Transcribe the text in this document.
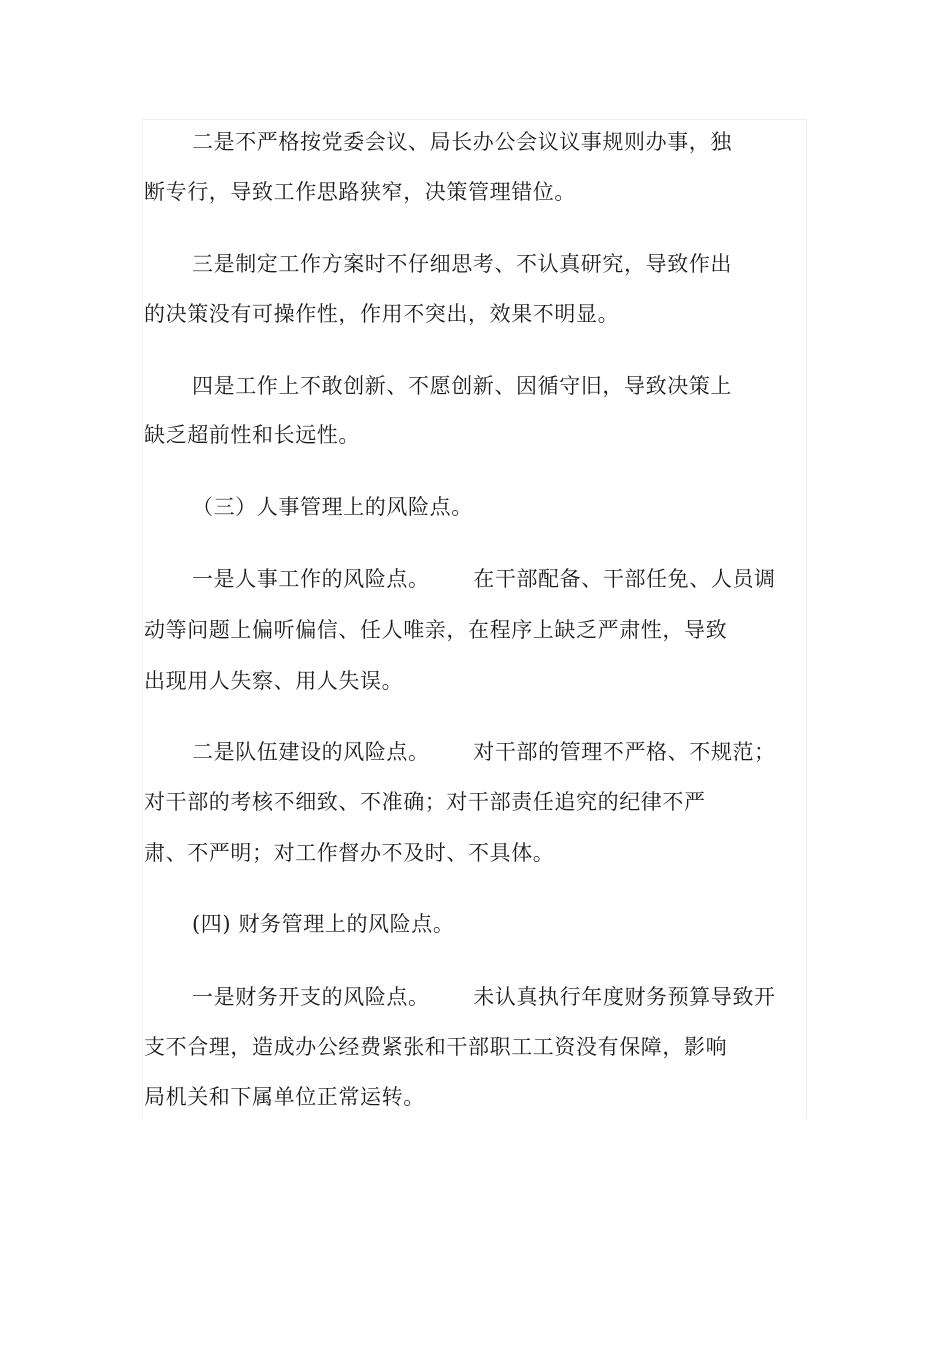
二是不严格按党委会议、局长办公会议议事规则办事，独
断专行，导致工作思路狭窄，决策管理错位。
三是制定工作方案时不仔细思考、不认真研究，导致作出
的决策没有可操作性，作用不突出，效果不明显。
四是工作上不敢创新、不愿创新、因循守旧，导致决策上
缺乏超前性和长远性。
（三）人事管理上的风险点。
一是人事工作的风险点。      在干部配备、干部任免、人员调
动等问题上偏听偏信、任人唯亲，在程序上缺乏严肃性，导致
出现用人失察、用人失误。
二是队伍建设的风险点。      对干部的管理不严格、不规范；
对干部的考核不细致、不准确；对干部责任追究的纪律不严
肃、不严明；对工作督办不及时、不具体。
(四) 财务管理上的风险点。
一是财务开支的风险点。      未认真执行年度财务预算导致开
支不合理，造成办公经费紧张和干部职工工资没有保障，影响
局机关和下属单位正常运转。
